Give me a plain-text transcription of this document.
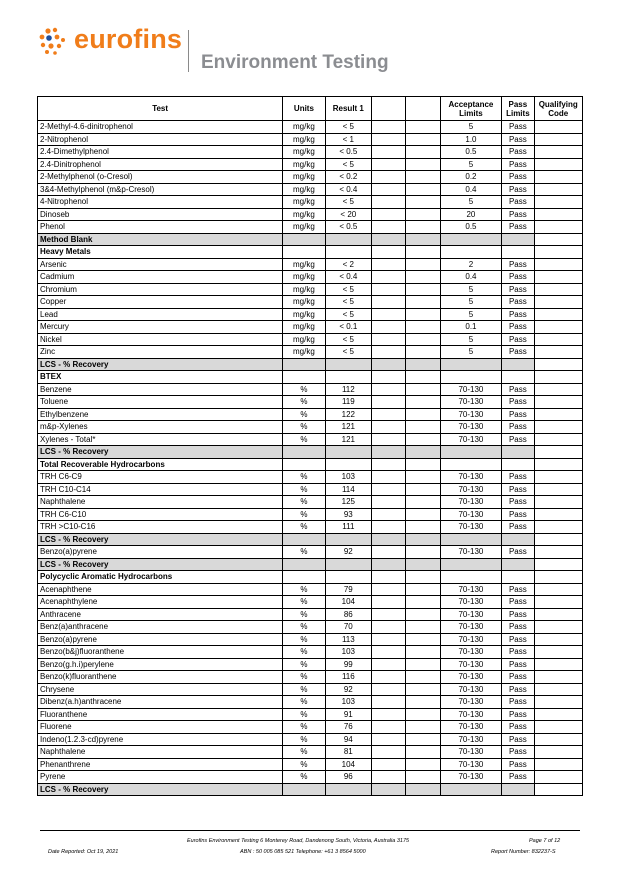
eurofins
Environment Testing
Test	Units	Result 1			Acceptance Limits	Pass Limits	Qualifying Code
2-Methyl-4.6-dinitrophenol	mg/kg	< 5			5	Pass	
2-Nitrophenol	mg/kg	< 1			1.0	Pass	
2.4-Dimethylphenol	mg/kg	< 0.5			0.5	Pass	
2.4-Dinitrophenol	mg/kg	< 5			5	Pass	
2-Methylphenol (o-Cresol)	mg/kg	< 0.2			0.2	Pass	
3&4-Methylphenol (m&p-Cresol)	mg/kg	< 0.4			0.4	Pass	
4-Nitrophenol	mg/kg	< 5			5	Pass	
Dinoseb	mg/kg	< 20			20	Pass	
Phenol	mg/kg	< 0.5			0.5	Pass	
Method Blank							
Heavy Metals							
Arsenic	mg/kg	< 2			2	Pass	
Cadmium	mg/kg	< 0.4			0.4	Pass	
Chromium	mg/kg	< 5			5	Pass	
Copper	mg/kg	< 5			5	Pass	
Lead	mg/kg	< 5			5	Pass	
Mercury	mg/kg	< 0.1			0.1	Pass	
Nickel	mg/kg	< 5			5	Pass	
Zinc	mg/kg	< 5			5	Pass	
LCS - % Recovery							
BTEX							
Benzene	%	112			70-130	Pass	
Toluene	%	119			70-130	Pass	
Ethylbenzene	%	122			70-130	Pass	
m&p-Xylenes	%	121			70-130	Pass	
Xylenes - Total*	%	121			70-130	Pass	
LCS - % Recovery							
Total Recoverable Hydrocarbons							
TRH C6-C9	%	103			70-130	Pass	
TRH C10-C14	%	114			70-130	Pass	
Naphthalene	%	125			70-130	Pass	
TRH C6-C10	%	93			70-130	Pass	
TRH >C10-C16	%	111			70-130	Pass	
LCS - % Recovery							
Benzo(a)pyrene	%	92			70-130	Pass	
LCS - % Recovery							
Polycyclic Aromatic Hydrocarbons							
Acenaphthene	%	79			70-130	Pass	
Acenaphthylene	%	104			70-130	Pass	
Anthracene	%	86			70-130	Pass	
Benz(a)anthracene	%	70			70-130	Pass	
Benzo(a)pyrene	%	113			70-130	Pass	
Benzo(b&j)fluoranthene	%	103			70-130	Pass	
Benzo(g.h.i)perylene	%	99			70-130	Pass	
Benzo(k)fluoranthene	%	116			70-130	Pass	
Chrysene	%	92			70-130	Pass	
Dibenz(a.h)anthracene	%	103			70-130	Pass	
Fluoranthene	%	91			70-130	Pass	
Fluorene	%	76			70-130	Pass	
Indeno(1.2.3-cd)pyrene	%	94			70-130	Pass	
Naphthalene	%	81			70-130	Pass	
Phenanthrene	%	104			70-130	Pass	
Pyrene	%	96			70-130	Pass	
LCS - % Recovery							
Eurofins Environment Testing 6 Monterey Road, Dandenong South, Victoria, Australia 3175	Page 7 of 12
Date Reported: Oct 19, 2021	ABN : 50 005 085 521 Telephone: +61 3 8564 5000	Report Number: 832237-S
